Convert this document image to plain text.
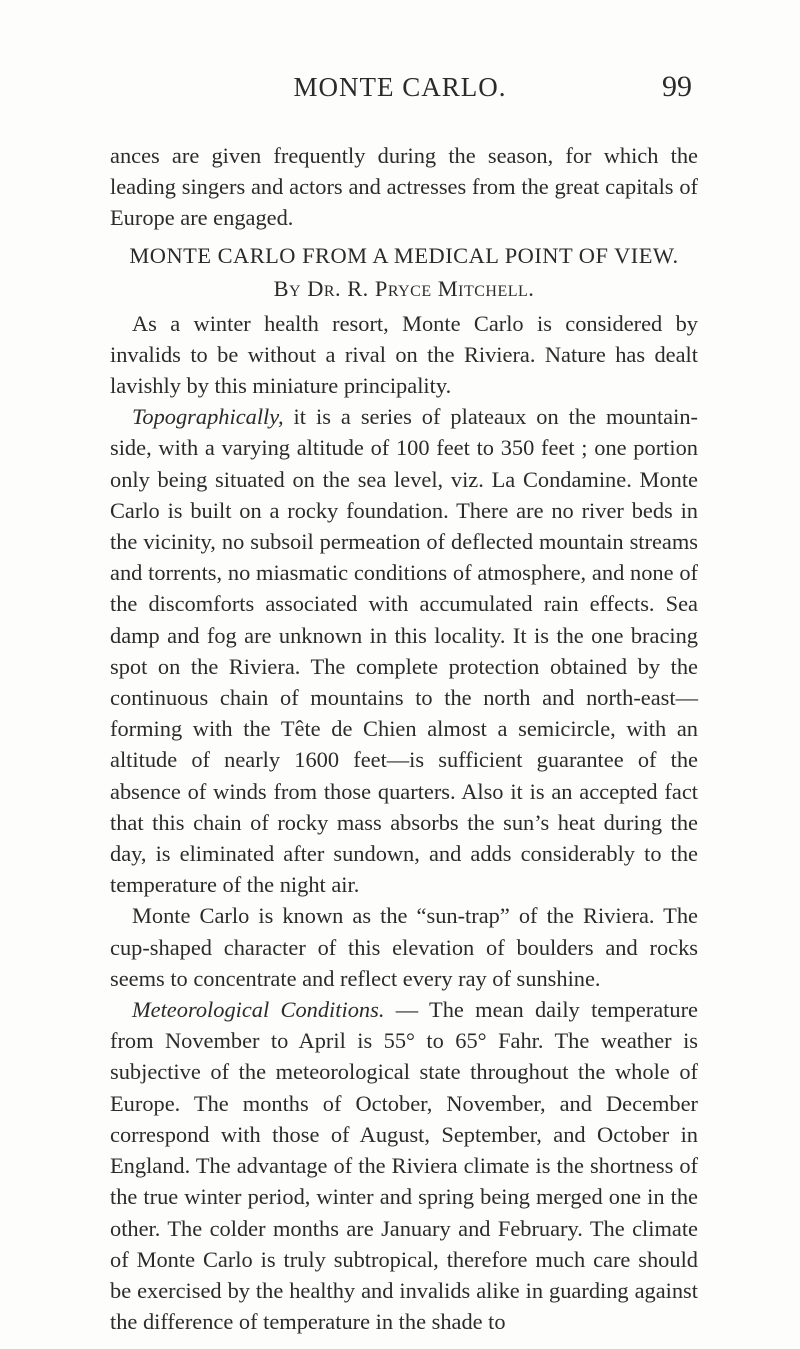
MONTE CARLO.	99

ances are given frequently during the season, for which the leading singers and actors and actresses from the great capitals of Europe are engaged.

MONTE CARLO FROM A MEDICAL POINT OF VIEW.
By Dr. R. Pryce Mitchell.

As a winter health resort, Monte Carlo is considered by invalids to be without a rival on the Riviera. Nature has dealt lavishly by this miniature principality.

Topographically, it is a series of plateaux on the mountain-side, with a varying altitude of 100 feet to 350 feet ; one portion only being situated on the sea level, viz. La Condamine. Monte Carlo is built on a rocky foundation. There are no river beds in the vicinity, no subsoil permeation of deflected mountain streams and torrents, no miasmatic conditions of atmosphere, and none of the discomforts associated with accumulated rain effects. Sea damp and fog are unknown in this locality. It is the one bracing spot on the Riviera. The complete protection obtained by the continuous chain of mountains to the north and north-east—forming with the Tête de Chien almost a semicircle, with an altitude of nearly 1600 feet—is sufficient guarantee of the absence of winds from those quarters. Also it is an accepted fact that this chain of rocky mass absorbs the sun’s heat during the day, is eliminated after sundown, and adds considerably to the temperature of the night air.

Monte Carlo is known as the “sun-trap” of the Riviera. The cup-shaped character of this elevation of boulders and rocks seems to concentrate and reflect every ray of sunshine.

Meteorological Conditions. — The mean daily temperature from November to April is 55° to 65° Fahr. The weather is subjective of the meteorological state throughout the whole of Europe. The months of October, November, and December correspond with those of August, September, and October in England. The advantage of the Riviera climate is the shortness of the true winter period, winter and spring being merged one in the other. The colder months are January and February. The climate of Monte Carlo is truly subtropical, therefore much care should be exercised by the healthy and invalids alike in guarding against the difference of temperature in the shade to
